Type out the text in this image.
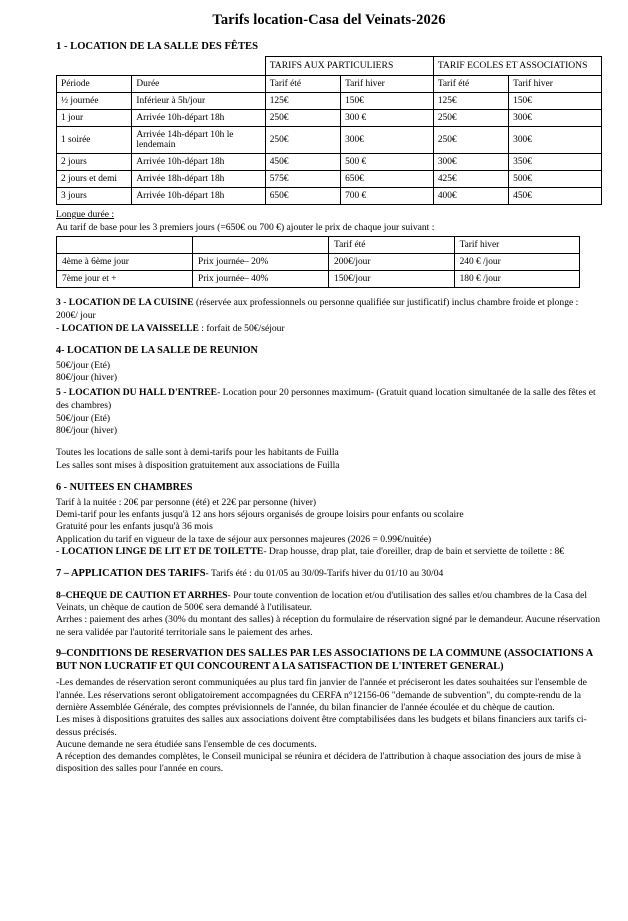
Tarifs location-Casa del Veinats-2026
1 - LOCATION DE LA SALLE DES FÊTES
		TARIFS AUX PARTICULIERS		TARIF ECOLES ET ASSOCIATIONS	
Période	Durée	Tarif été	Tarif hiver	Tarif été	Tarif hiver
½ journée	Inférieur à 5h/jour	125€	150€	125€	150€
1 jour	Arrivée 10h-départ 18h	250€	300 €	250€	300€
1 soirée	Arrivée 14h-départ 10h le lendemain	250€	300€	250€	300€
2 jours	Arrivée 10h-départ 18h	450€	500 €	300€	350€
2 jours et demi	Arrivée 18h-départ 18h	575€	650€	425€	500€
3 jours	Arrivée 10h-départ 18h	650€	700 €	400€	450€
Longue durée :
Au tarif de base pour les 3 premiers jours (=650€ ou 700 €) ajouter le prix de chaque jour suivant :
		Tarif été	Tarif hiver
4ème à 6ème jour	Prix journée– 20%	200€/jour	240 € /jour
7ème jour et +	Prix journée– 40%	150€/jour	180 € /jour
3 - LOCATION DE LA CUISINE (réservée aux professionnels ou personne qualifiée sur justificatif) inclus chambre froide et plonge : 200€/ jour
- LOCATION DE LA VAISSELLE : forfait de 50€/séjour
4- LOCATION DE LA SALLE DE REUNION
50€/jour (Eté)
80€/jour (hiver)
5 - LOCATION DU HALL D'ENTREE- Location pour 20 personnes maximum- (Gratuit quand location simultanée de la salle des fêtes et des chambres)
50€/jour (Eté)
80€/jour (hiver)
Toutes les locations de salle sont à demi-tarifs pour les habitants de Fuilla
Les salles sont mises à disposition gratuitement aux associations de Fuilla
6 - NUITEES EN CHAMBRES
Tarif à la nuitée : 20€ par personne (été) et 22€ par personne (hiver)
Demi-tarif pour les enfants jusqu'à 12 ans hors séjours organisés de groupe loisirs pour enfants ou scolaire
Gratuité pour les enfants jusqu'à 36 mois
Application du tarif en vigueur de la taxe de séjour aux personnes majeures (2026 = 0.99€/nuitée)
- LOCATION LINGE DE LIT ET DE TOILETTE- Drap housse, drap plat, taie d'oreiller, drap de bain et serviette de toilette : 8€
7 – APPLICATION DES TARIFS- Tarifs été : du 01/05 au 30/09-Tarifs hiver du 01/10 au 30/04
8–CHEQUE DE CAUTION ET ARRHES- Pour toute convention de location et/ou d'utilisation des salles et/ou chambres de la Casa del Veinats, un chèque de caution de 500€ sera demandé à l'utilisateur.
Arrhes : paiement des arhes (30% du montant des salles) à réception du formulaire de réservation signé par le demandeur. Aucune réservation ne sera validée par l'autorité territoriale sans le paiement des arhes.
9–CONDITIONS DE RESERVATION DES SALLES PAR LES ASSOCIATIONS DE LA COMMUNE (ASSOCIATIONS A BUT NON LUCRATIF ET QUI CONCOURENT A LA SATISFACTION DE L'INTERET GENERAL)
-Les demandes de réservation seront communiquées au plus tard fin janvier de l'année et préciseront les dates souhaitées sur l'ensemble de l'année. Les réservations seront obligatoirement accompagnées du CERFA n°12156-06 "demande de subvention", du compte-rendu de la dernière Assemblée Générale, des comptes prévisionnels de l'année, du bilan financier de l'année écoulée et du chèque de caution.
Les mises à dispositions gratuites des salles aux associations doivent être comptabilisées dans les budgets et bilans financiers aux tarifs ci-dessus précisés.
Aucune demande ne sera étudiée sans l'ensemble de ces documents.
A réception des demandes complètes, le Conseil municipal se réunira et décidera de l'attribution à chaque association des jours de mise à disposition des salles pour l'année en cours.
